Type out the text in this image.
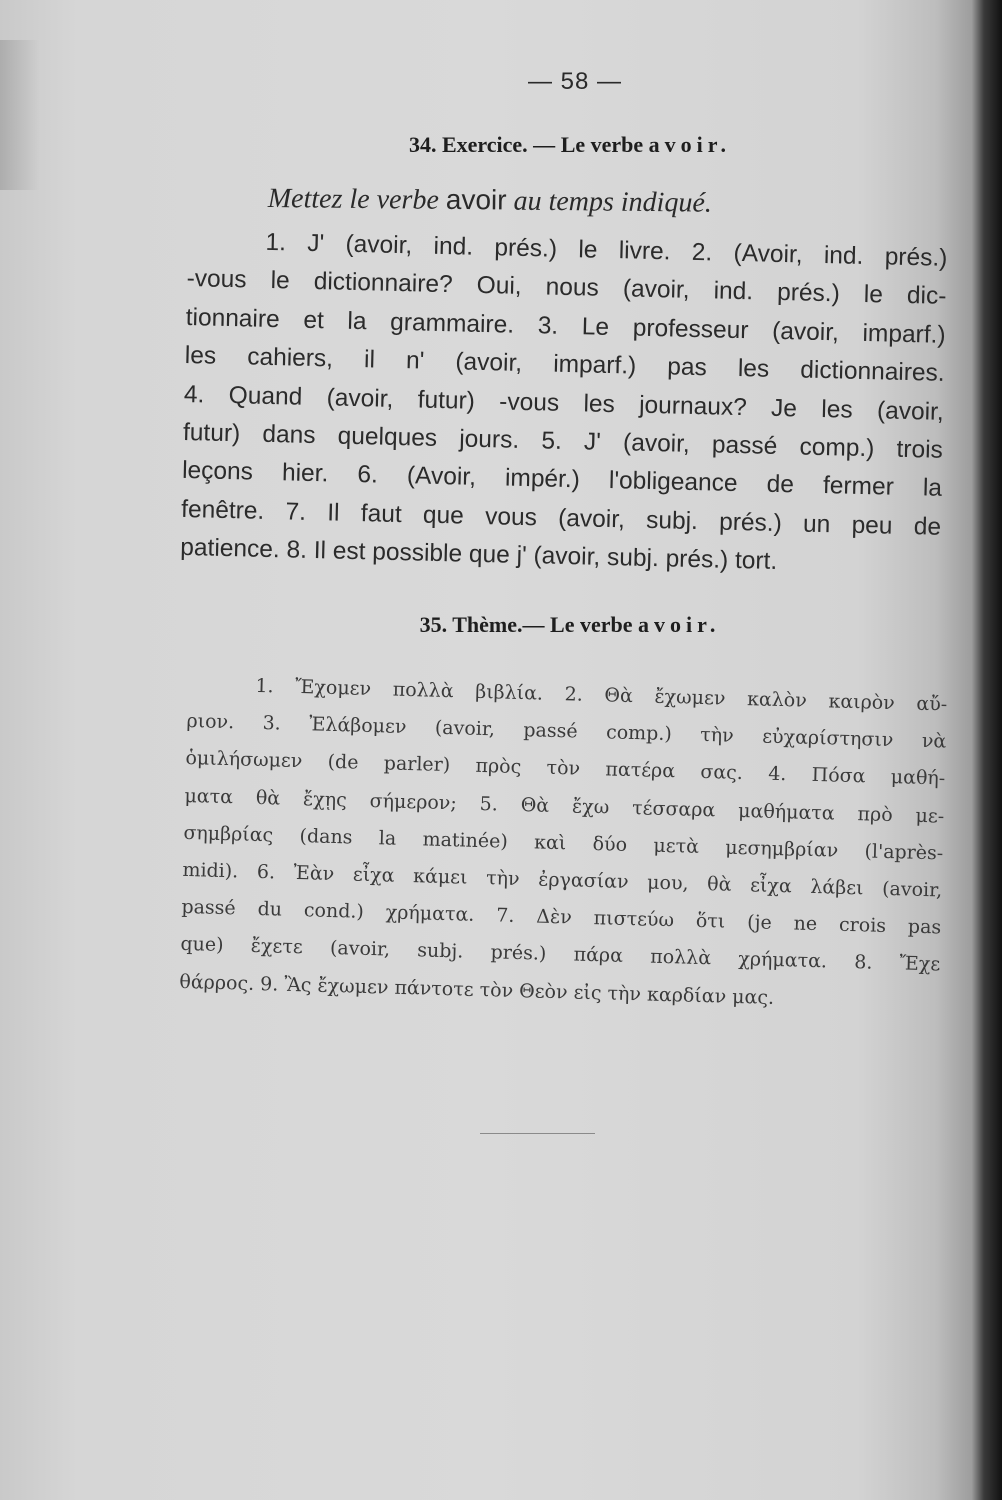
— 58 —
34. Exercice. — Le verbe avoir.
Mettez le verbe avoir au temps indiqué.
1. J' (avoir, ind. prés.) le livre. 2. (Avoir, ind. prés.)
-vous le dictionnaire? Oui, nous (avoir, ind. prés.) le dic-
tionnaire et la grammaire. 3. Le professeur (avoir, imparf.)
les cahiers, il n' (avoir, imparf.) pas les dictionnaires.
4. Quand (avoir, futur) -vous les journaux? Je les (avoir,
futur) dans quelques jours. 5. J' (avoir, passé comp.) trois
leçons hier. 6. (Avoir, impér.) l'obligeance de fermer la
fenêtre. 7. Il faut que vous (avoir, subj. prés.) un peu de
patience. 8. Il est possible que j' (avoir, subj. prés.) tort.
35. Thème.— Le verbe avoir.
1. Ἔχομεν πολλὰ βιβλία. 2. Θὰ ἔχωμεν καλὸν καιρὸν αὔ-
ριον. 3. Ἐλάβομεν (avoir, passé comp.) τὴν εὐχαρίστησιν νὰ
ὁμιλήσωμεν (de parler) πρὸς τὸν πατέρα σας. 4. Πόσα μαθή-
ματα θὰ ἔχῃς σήμερον; 5. Θὰ ἔχω τέσσαρα μαθήματα πρὸ με-
σημβρίας (dans la matinée) καὶ δύο μετὰ μεσημβρίαν (l'après-
midi). 6. Ἐὰν εἶχα κάμει τὴν ἐργασίαν μου, θὰ εἶχα λάβει (avoir,
passé du cond.) χρήματα. 7. Δὲν πιστεύω ὅτι (je ne crois pas
que) ἔχετε (avoir, subj. prés.) πάρα πολλὰ χρήματα. 8. Ἔχε
θάρρος. 9. Ἂς ἔχωμεν πάντοτε τὸν Θεὸν εἰς τὴν καρδίαν μας.
